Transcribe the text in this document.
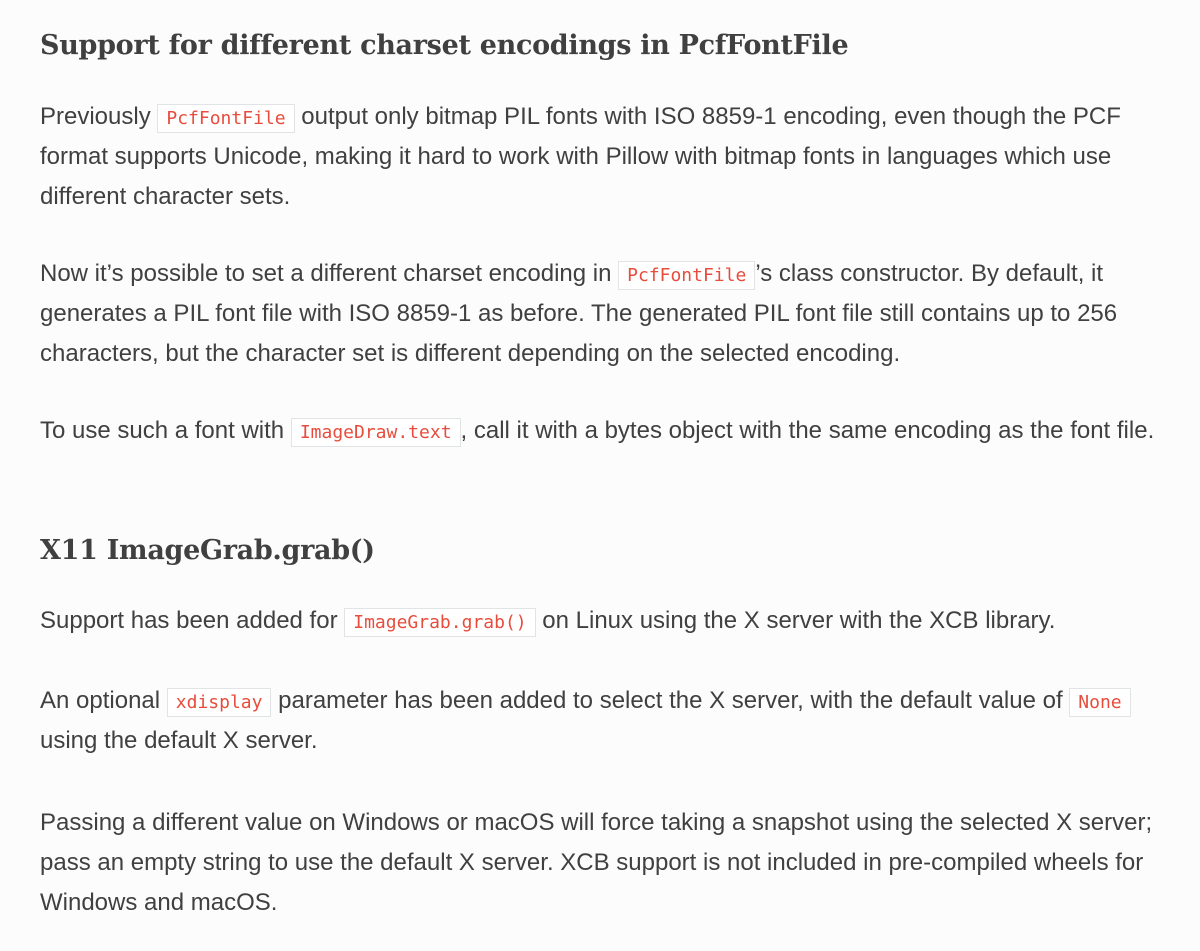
Support for different charset encodings in PcfFontFile

Previously PcfFontFile output only bitmap PIL fonts with ISO 8859-1 encoding, even though the PCF format supports Unicode, making it hard to work with Pillow with bitmap fonts in languages which use different character sets.

Now it’s possible to set a different charset encoding in PcfFontFile ’s class constructor. By default, it generates a PIL font file with ISO 8859-1 as before. The generated PIL font file still contains up to 256 characters, but the character set is different depending on the selected encoding.

To use such a font with ImageDraw.text , call it with a bytes object with the same encoding as the font file.

X11 ImageGrab.grab()

Support has been added for ImageGrab.grab() on Linux using the X server with the XCB library.

An optional xdisplay parameter has been added to select the X server, with the default value of None using the default X server.

Passing a different value on Windows or macOS will force taking a snapshot using the selected X server; pass an empty string to use the default X server. XCB support is not included in pre-compiled wheels for Windows and macOS.
